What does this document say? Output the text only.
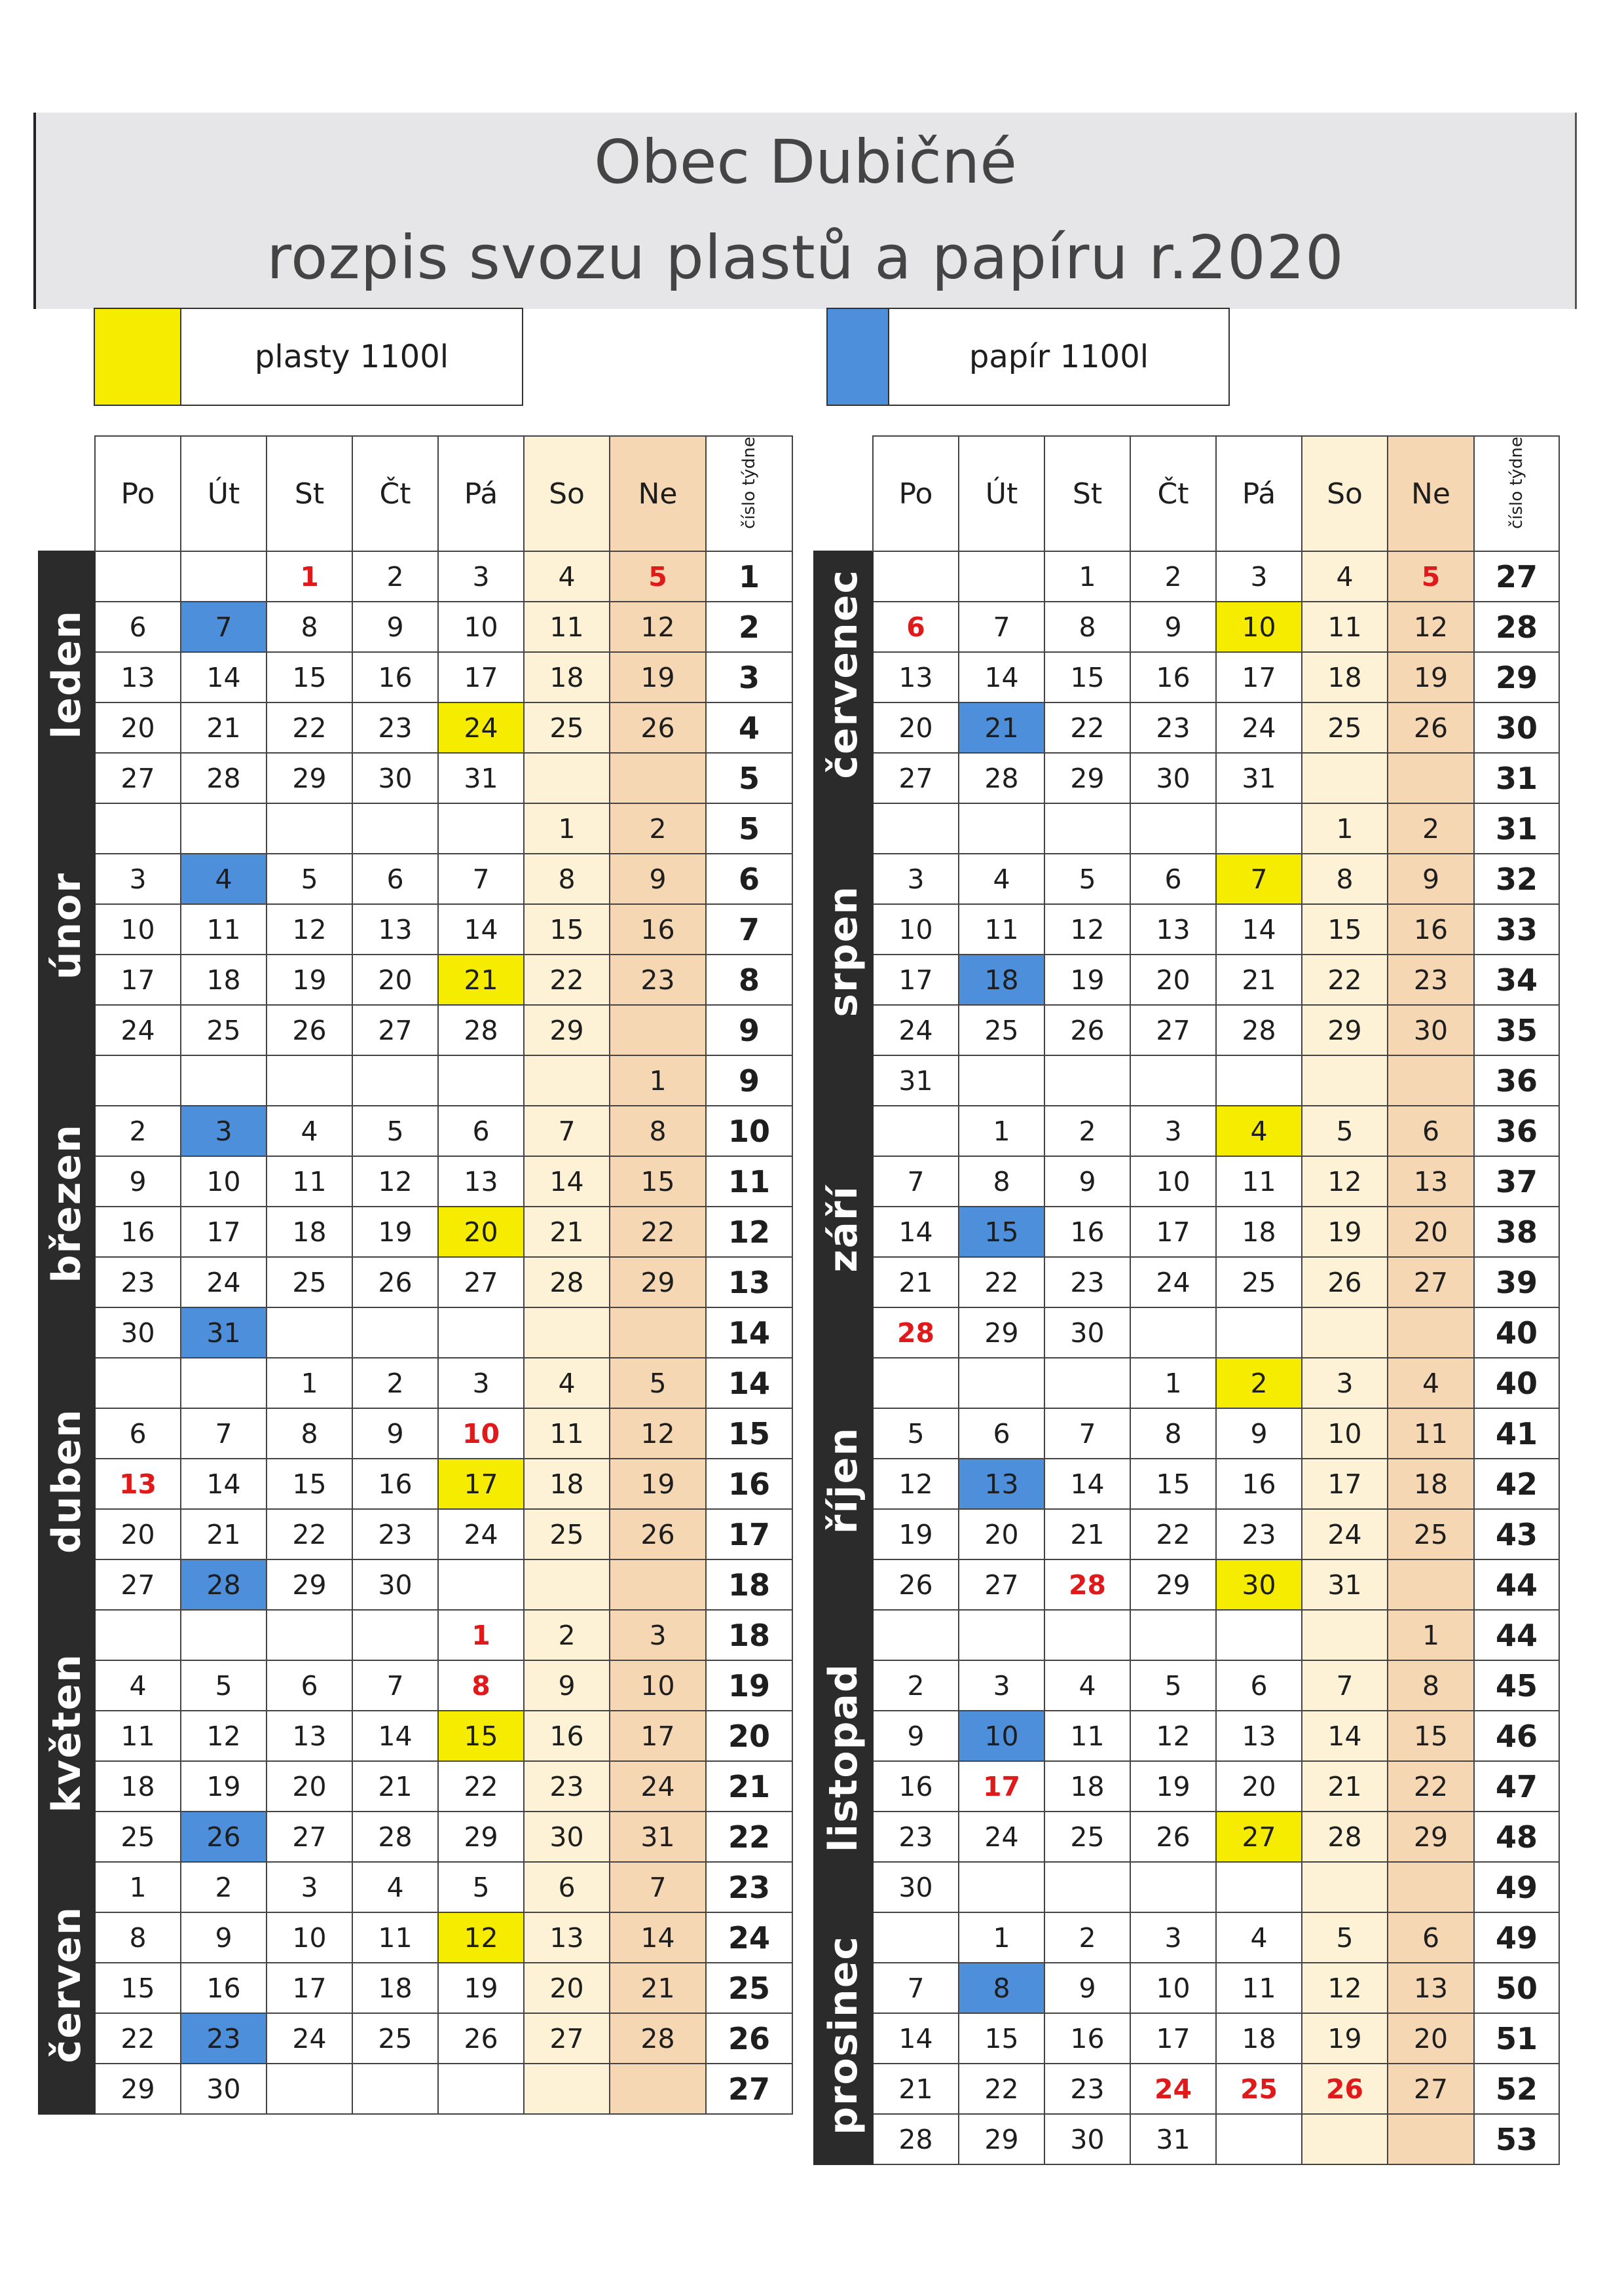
Obec Dubičné
rozpis svozu plastů a papíru r.2020
plasty 1100l	papír 1100l
	Po	Út	St	Čt	Pá	So	Ne	číslo týdne
leden			1	2	3	4	5	1
	6	7	8	9	10	11	12	2
	13	14	15	16	17	18	19	3
	20	21	22	23	24	25	26	4
	27	28	29	30	31			5
únor						1	2	5
	3	4	5	6	7	8	9	6
	10	11	12	13	14	15	16	7
	17	18	19	20	21	22	23	8
	24	25	26	27	28	29		9
březen							1	9
	2	3	4	5	6	7	8	10
	9	10	11	12	13	14	15	11
	16	17	18	19	20	21	22	12
	23	24	25	26	27	28	29	13
	30	31						14
duben			1	2	3	4	5	14
	6	7	8	9	10	11	12	15
	13	14	15	16	17	18	19	16
	20	21	22	23	24	25	26	17
	27	28	29	30				18
květen					1	2	3	18
	4	5	6	7	8	9	10	19
	11	12	13	14	15	16	17	20
	18	19	20	21	22	23	24	21
	25	26	27	28	29	30	31	22
červen	1	2	3	4	5	6	7	23
	8	9	10	11	12	13	14	24
	15	16	17	18	19	20	21	25
	22	23	24	25	26	27	28	26
	29	30						27
	Po	Út	St	Čt	Pá	So	Ne	číslo týdne
červenec			1	2	3	4	5	27
	6	7	8	9	10	11	12	28
	13	14	15	16	17	18	19	29
	20	21	22	23	24	25	26	30
	27	28	29	30	31			31
srpen						1	2	31
	3	4	5	6	7	8	9	32
	10	11	12	13	14	15	16	33
	17	18	19	20	21	22	23	34
	24	25	26	27	28	29	30	35
	31							36
září		1	2	3	4	5	6	36
	7	8	9	10	11	12	13	37
	14	15	16	17	18	19	20	38
	21	22	23	24	25	26	27	39
	28	29	30					40
říjen				1	2	3	4	40
	5	6	7	8	9	10	11	41
	12	13	14	15	16	17	18	42
	19	20	21	22	23	24	25	43
	26	27	28	29	30	31		44
listopad							1	44
	2	3	4	5	6	7	8	45
	9	10	11	12	13	14	15	46
	16	17	18	19	20	21	22	47
	23	24	25	26	27	28	29	48
	30							49
prosinec		1	2	3	4	5	6	49
	7	8	9	10	11	12	13	50
	14	15	16	17	18	19	20	51
	21	22	23	24	25	26	27	52
	28	29	30	31				53
